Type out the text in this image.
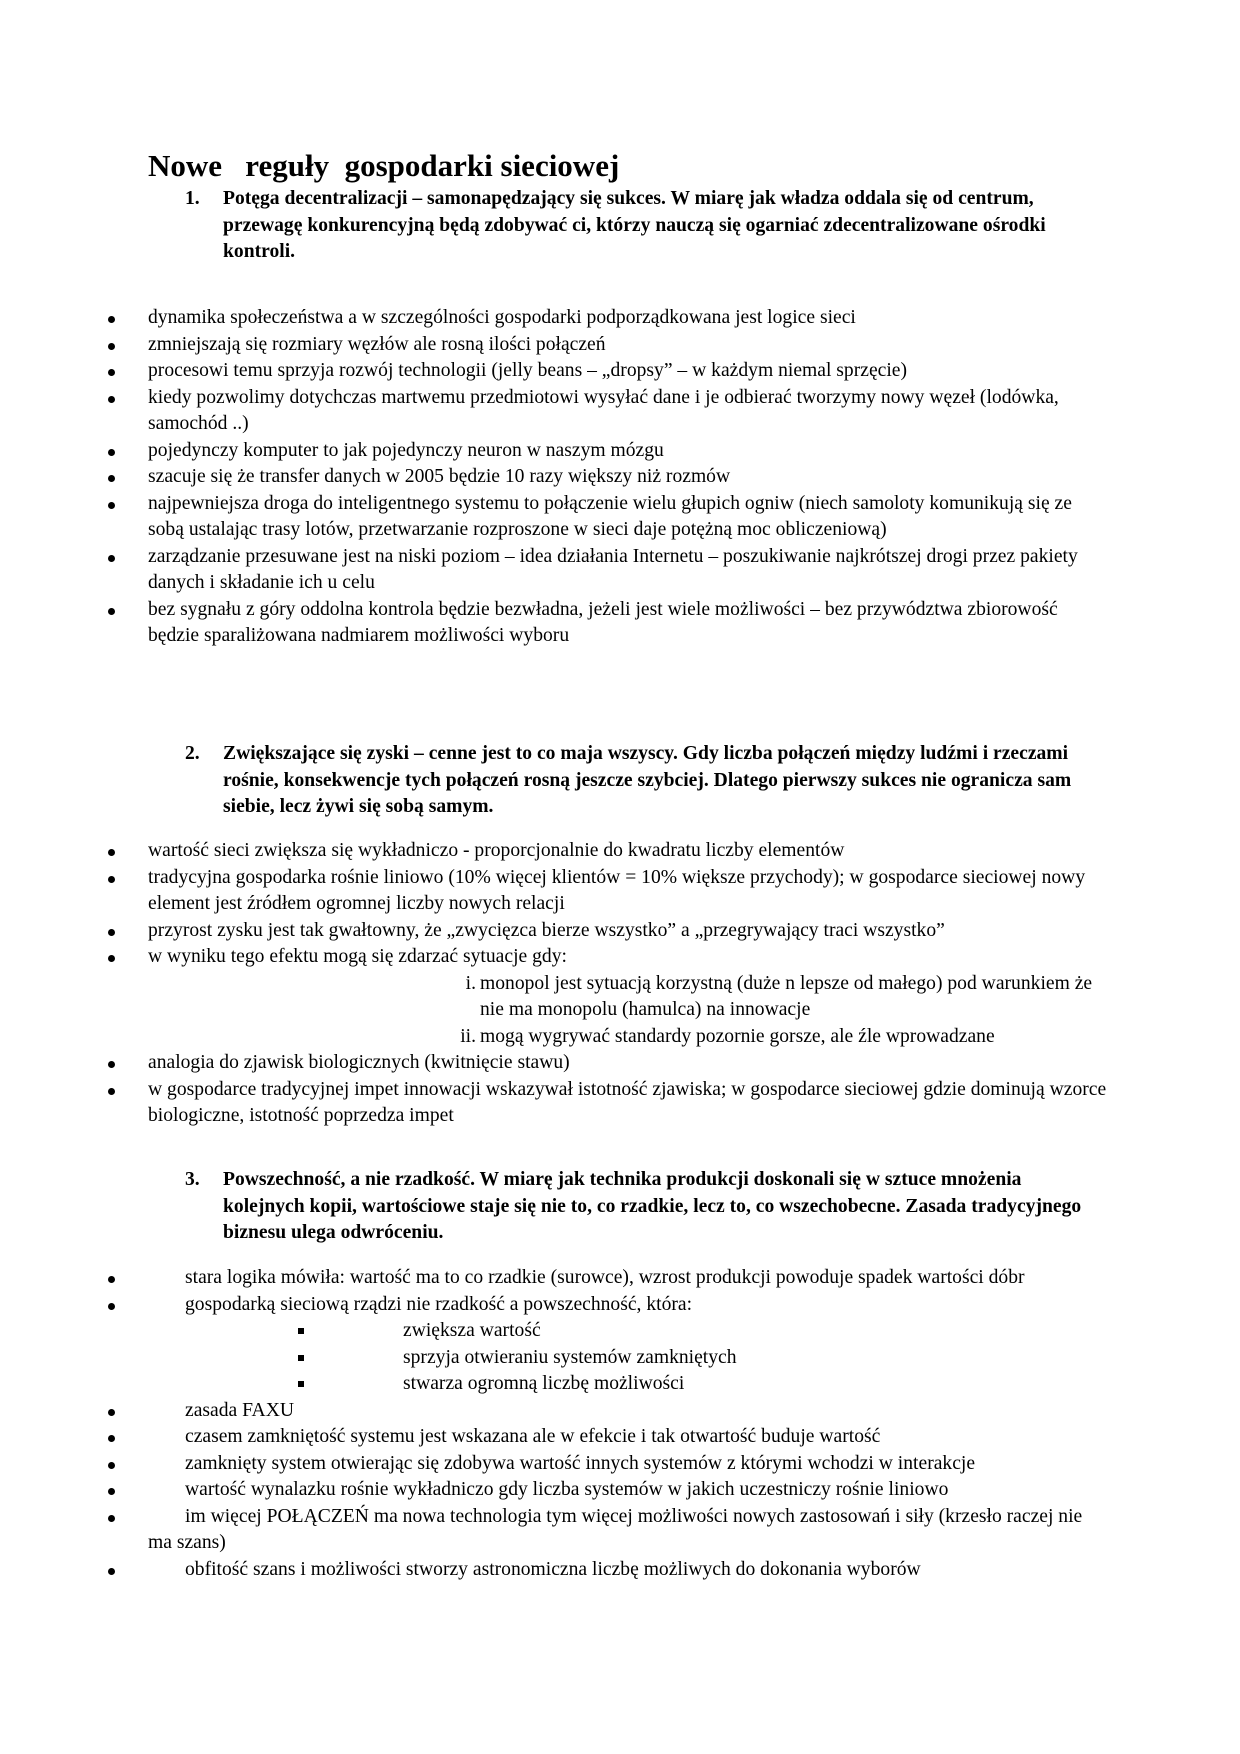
Nowe   reguły  gospodarki sieciowej
1. Potęga decentralizacji – samonapędzający się sukces. W miarę jak władza oddala się od centrum, przewagę konkurencyjną będą zdobywać ci, którzy nauczą się ogarniać zdecentralizowane ośrodki kontroli.
dynamika społeczeństwa a w szczególności gospodarki podporządkowana jest logice sieci
zmniejszają się rozmiary węzłów ale rosną ilości połączeń
procesowi temu sprzyja rozwój technologii (jelly beans – „dropsy” – w każdym niemal sprzęcie)
kiedy pozwolimy dotychczas martwemu przedmiotowi wysyłać dane i je odbierać tworzymy nowy węzeł (lodówka, samochód ..)
pojedynczy komputer to jak pojedynczy neuron w naszym mózgu
szacuje się że transfer danych w 2005 będzie 10 razy większy niż rozmów
najpewniejsza droga do inteligentnego systemu to połączenie wielu głupich ogniw (niech samoloty komunikują się ze sobą ustalając trasy lotów, przetwarzanie rozproszone w sieci daje potężną moc obliczeniową)
zarządzanie przesuwane jest na niski poziom – idea działania Internetu – poszukiwanie najkrótszej drogi przez pakiety danych i składanie ich u celu
bez sygnału z góry oddolna kontrola będzie bezwładna, jeżeli jest wiele możliwości – bez przywództwa zbiorowość będzie sparaliżowana nadmiarem możliwości wyboru
2. Zwiększające się zyski – cenne jest to co maja wszyscy. Gdy liczba połączeń między ludźmi i rzeczami rośnie, konsekwencje tych połączeń rosną jeszcze szybciej. Dlatego pierwszy sukces nie ogranicza sam siebie, lecz żywi się sobą samym.
wartość sieci zwiększa się wykładniczo - proporcjonalnie do kwadratu liczby elementów
tradycyjna gospodarka rośnie liniowo (10% więcej klientów = 10% większe przychody); w gospodarce sieciowej nowy element jest źródłem ogromnej liczby nowych relacji
przyrost zysku jest tak gwałtowny, że „zwycięzca bierze wszystko” a „przegrywający traci wszystko”
w wyniku tego efektu mogą się zdarzać sytuacje gdy:
i. monopol jest sytuacją korzystną (duże n lepsze od małego) pod warunkiem że nie ma monopolu (hamulca) na innowacje
ii. mogą wygrywać standardy pozornie gorsze, ale źle wprowadzane
analogia do zjawisk biologicznych (kwitnięcie stawu)
w gospodarce tradycyjnej impet innowacji wskazywał istotność zjawiska; w gospodarce sieciowej gdzie dominują wzorce biologiczne, istotność poprzedza impet
3. Powszechność, a nie rzadkość. W miarę jak technika produkcji doskonali się w sztuce mnożenia kolejnych kopii, wartościowe staje się nie to, co rzadkie, lecz to, co wszechobecne. Zasada tradycyjnego biznesu ulega odwróceniu.
stara logika mówiła: wartość ma to co rzadkie (surowce), wzrost produkcji powoduje spadek wartości dóbr
gospodarką sieciową rządzi nie rzadkość a powszechność, która:
zwiększa wartość
sprzyja otwieraniu systemów zamkniętych
stwarza ogromną liczbę możliwości
zasada FAXU
czasem zamkniętość systemu jest wskazana ale w efekcie i tak otwartość buduje wartość
zamknięty system otwierając się zdobywa wartość innych systemów z którymi wchodzi w interakcje
wartość wynalazku rośnie wykładniczo gdy liczba systemów w jakich uczestniczy rośnie liniowo
im więcej POŁĄCZEŃ ma nowa technologia tym więcej możliwości nowych zastosowań i siły (krzesło raczej nie ma szans)
obfitość szans i możliwości stworzy astronomiczna liczbę możliwych do dokonania wyborów
